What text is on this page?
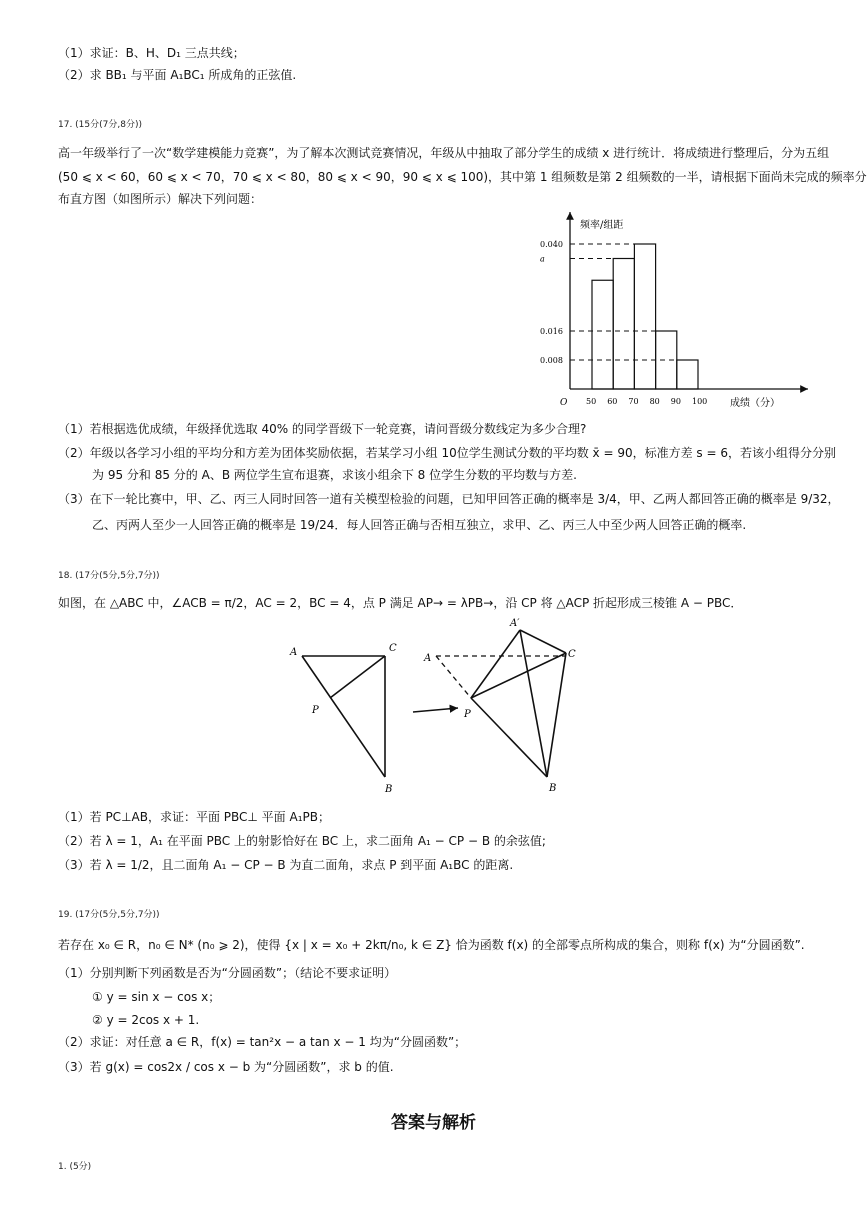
（1）求证：B、H、D₁ 三点共线；
（2）求 BB₁ 与平面 A₁BC₁ 所成角的正弦值.
17. (15分(7分,8分))
高一年级举行了一次“数学建模能力竞赛”，为了解本次测试竞赛情况，年级从中抽取了部分学生的成绩 x 进行统计．将成绩进行整理后，分为五组
(50 ⩽ x < 60，60 ⩽ x < 70，70 ⩽ x < 80，80 ⩽ x < 90，90 ⩽ x ⩽ 100)，其中第 1 组频数是第 2 组频数的一半，请根据下面尚未完成的频率分
布直方图（如图所示）解决下列问题：
0.040
a
0.016
0.008
50 60 70 80 90 100
O
频率/组距
成绩（分）
（1）若根据选优成绩，年级择优选取 40% 的同学晋级下一轮竞赛，请问晋级分数线定为多少合理?
（2）年级以各学习小组的平均分和方差为团体奖励依据，若某学习小组 10位学生测试分数的平均数 x̄ = 90，标准方差 s = 6，若该小组得分分别
为 95 分和 85 分的 A、B 两位学生宣布退赛，求该小组余下 8 位学生分数的平均数与方差.
（3）在下一轮比赛中，甲、乙、丙三人同时回答一道有关模型检验的问题，已知甲回答正确的概率是 3/4，甲、乙两人都回答正确的概率是 9/32，
乙、丙两人至少一人回答正确的概率是 19/24．每人回答正确与否相互独立，求甲、乙、丙三人中至少两人回答正确的概率.
18. (17分(5分,5分,7分))
如图，在 △ABC 中，∠ACB = π/2，AC = 2，BC = 4，点 P 满足 AP→ = λPB→，沿 CP 将 △ACP 折起形成三棱锥 A − PBC．
A	C
P
B
A
A′
C
P
B
（1）若 PC⊥AB，求证：平面 PBC⊥ 平面 A₁PB；
（2）若 λ = 1，A₁ 在平面 PBC 上的射影恰好在 BC 上，求二面角 A₁ − CP − B 的余弦值;
（3）若 λ = 1/2，且二面角 A₁ − CP − B 为直二面角，求点 P 到平面 A₁BC 的距离.
19. (17分(5分,5分,7分))
若存在 x₀ ∈ R，n₀ ∈ N* (n₀ ⩾ 2)，使得 {x | x = x₀ + 2kπ/n₀, k ∈ Z} 恰为函数 f(x) 的全部零点所构成的集合，则称 f(x) 为“分圆函数”.
（1）分别判断下列函数是否为“分圆函数”；（结论不要求证明）
① y = sin x − cos x；
② y = 2cos x + 1.
（2）求证：对任意 a ∈ R，f(x) = tan²x − a tan x − 1 均为“分圆函数”；
（3）若 g(x) = cos2x / cos x − b 为“分圆函数”，求 b 的值.
答案与解析
1. (5分)
